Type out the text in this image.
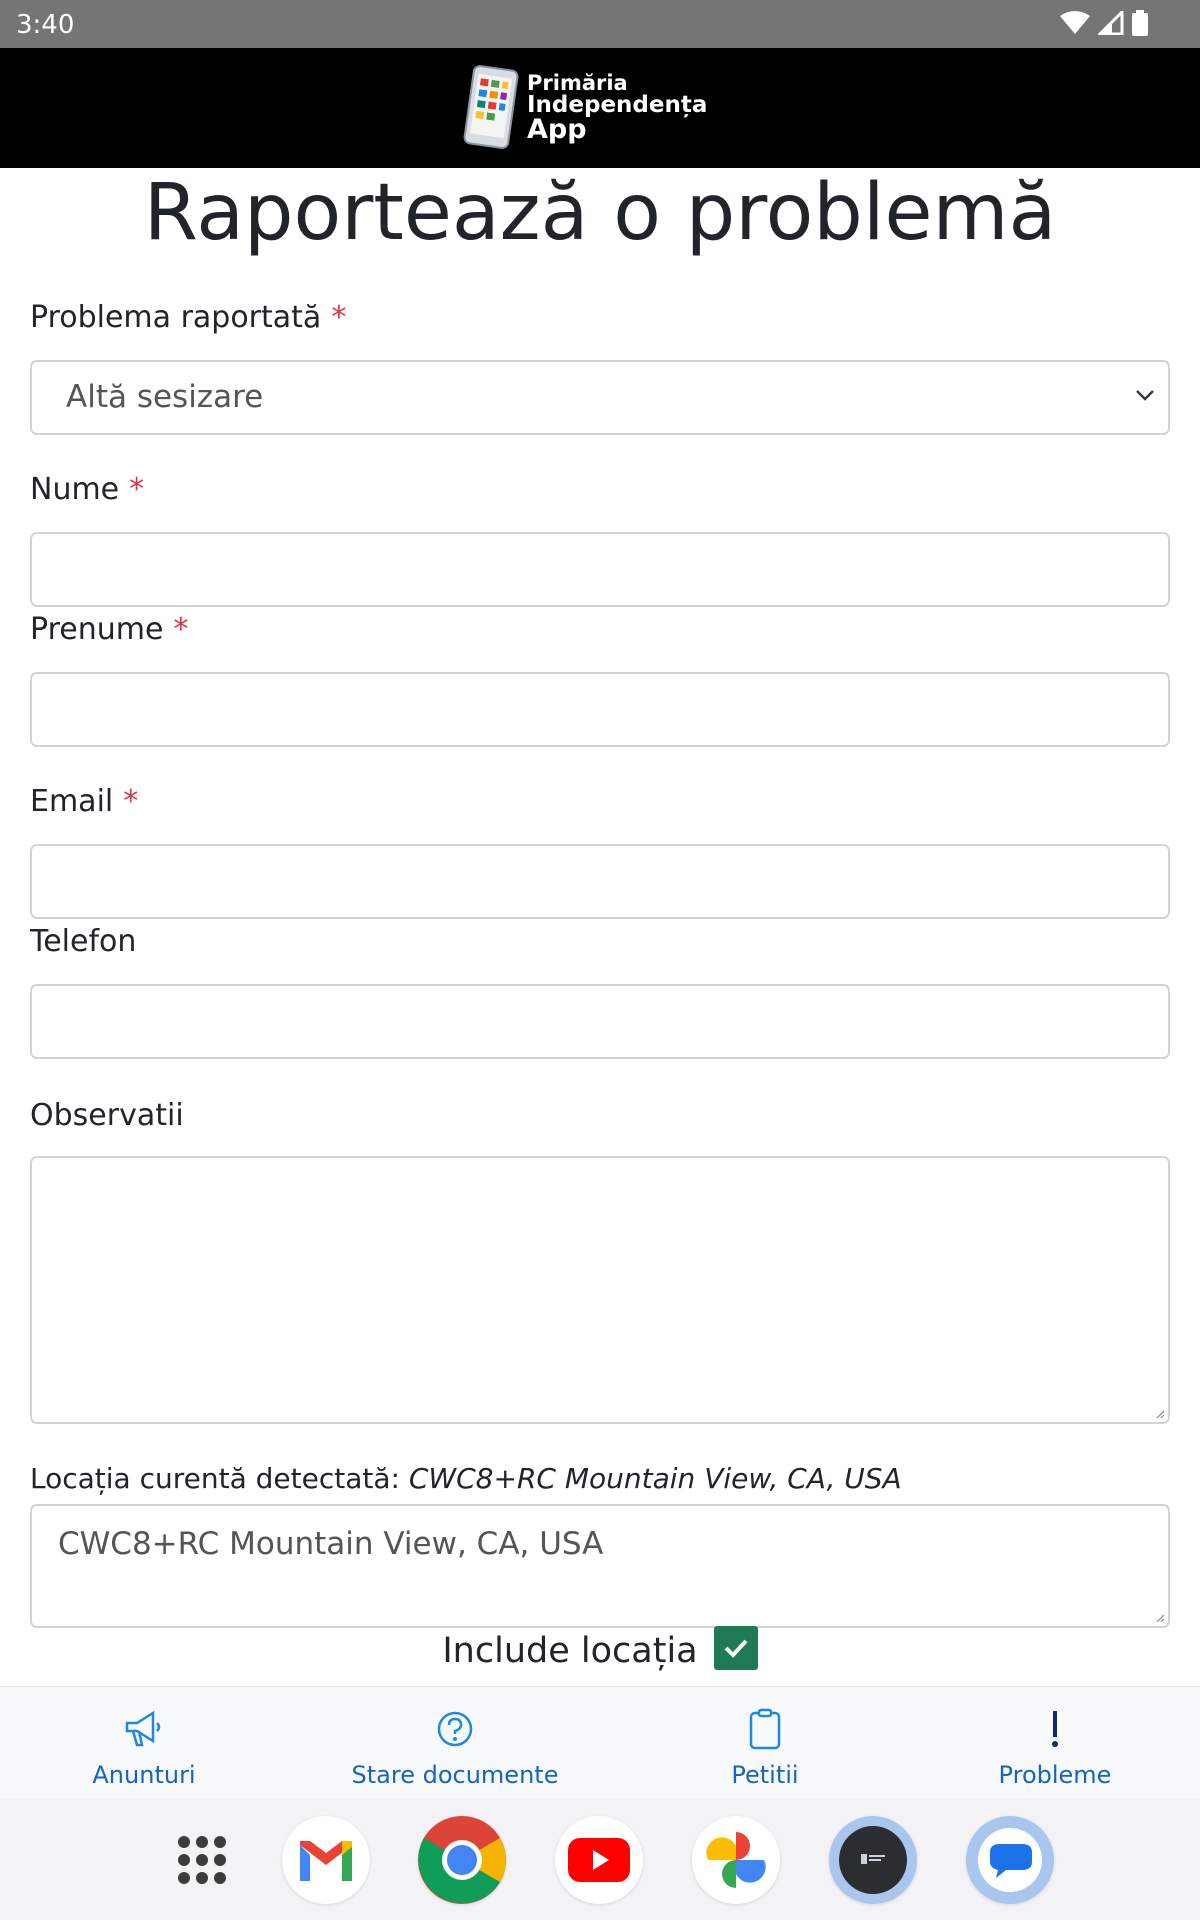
3:40
Primăria
Independența
App
Raportează o problemă
Problema raportată *
Altă sesizare
Nume *
Prenume *
Email *
Telefon
Observatii
Locația curentă detectată: CWC8+RC Mountain View, CA, USA
CWC8+RC Mountain View, CA, USA
Include locația
Anunturi	Stare documente	Petitii	Probleme
